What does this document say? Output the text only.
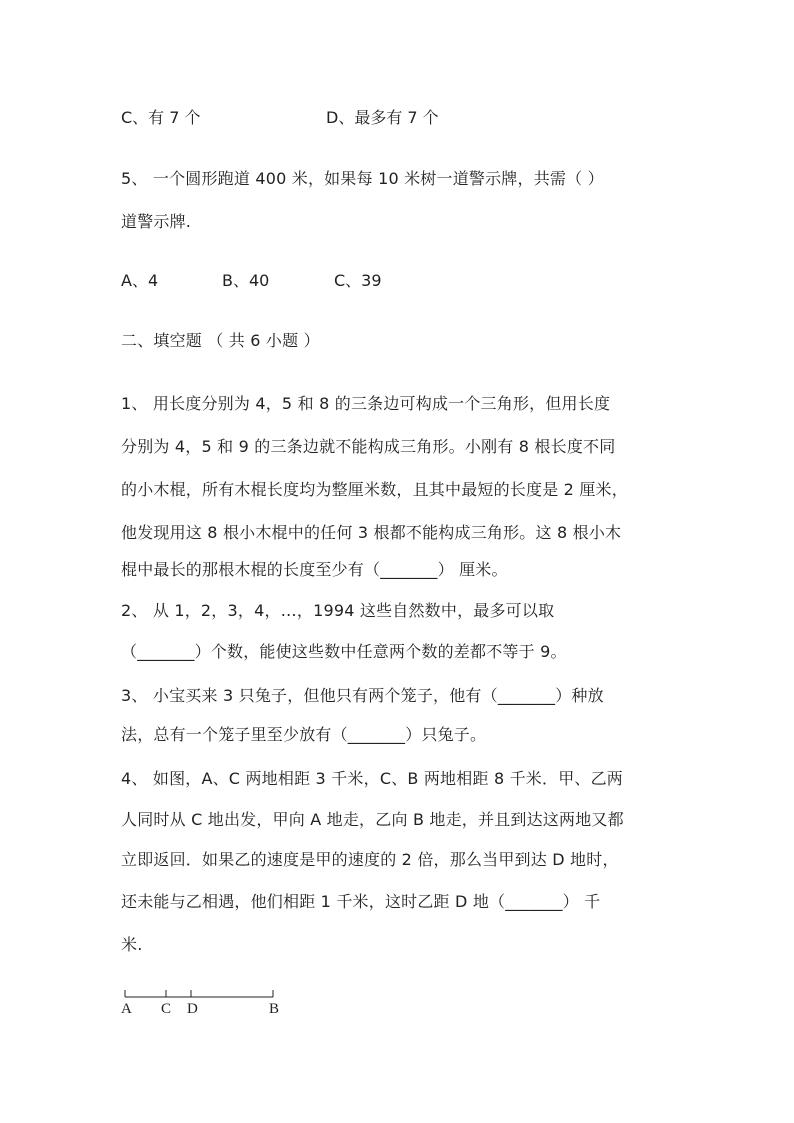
C、有 7 个	D、最多有 7 个
5、 一个圆形跑道 400 米，如果每 10 米树一道警示牌，共需（ ）
道警示牌.
A、4	B、40	C、39
二、填空题 （ 共 6 小题 ）
1、 用长度分别为 4，5 和 8 的三条边可构成一个三角形，但用长度
分别为 4，5 和 9 的三条边就不能构成三角形。小刚有 8 根长度不同
的小木棍，所有木棍长度均为整厘米数，且其中最短的长度是 2 厘米，
他发现用这 8 根小木棍中的任何 3 根都不能构成三角形。这 8 根小木
棍中最长的那根木棍的长度至少有（_______） 厘米。
2、 从 1，2，3，4，…，1994 这些自然数中，最多可以取
（_______）个数，能使这些数中任意两个数的差都不等于 9。
3、 小宝买来 3 只兔子，但他只有两个笼子，他有（_______）种放
法，总有一个笼子里至少放有（_______）只兔子。
4、 如图，A、C 两地相距 3 千米，C、B 两地相距 8 千米．甲、乙两
人同时从 C 地出发，甲向 A 地走，乙向 B 地走，并且到达这两地又都
立即返回．如果乙的速度是甲的速度的 2 倍，那么当甲到达 D 地时，
还未能与乙相遇，他们相距 1 千米，这时乙距 D 地（_______） 千
米.
A C D	B
